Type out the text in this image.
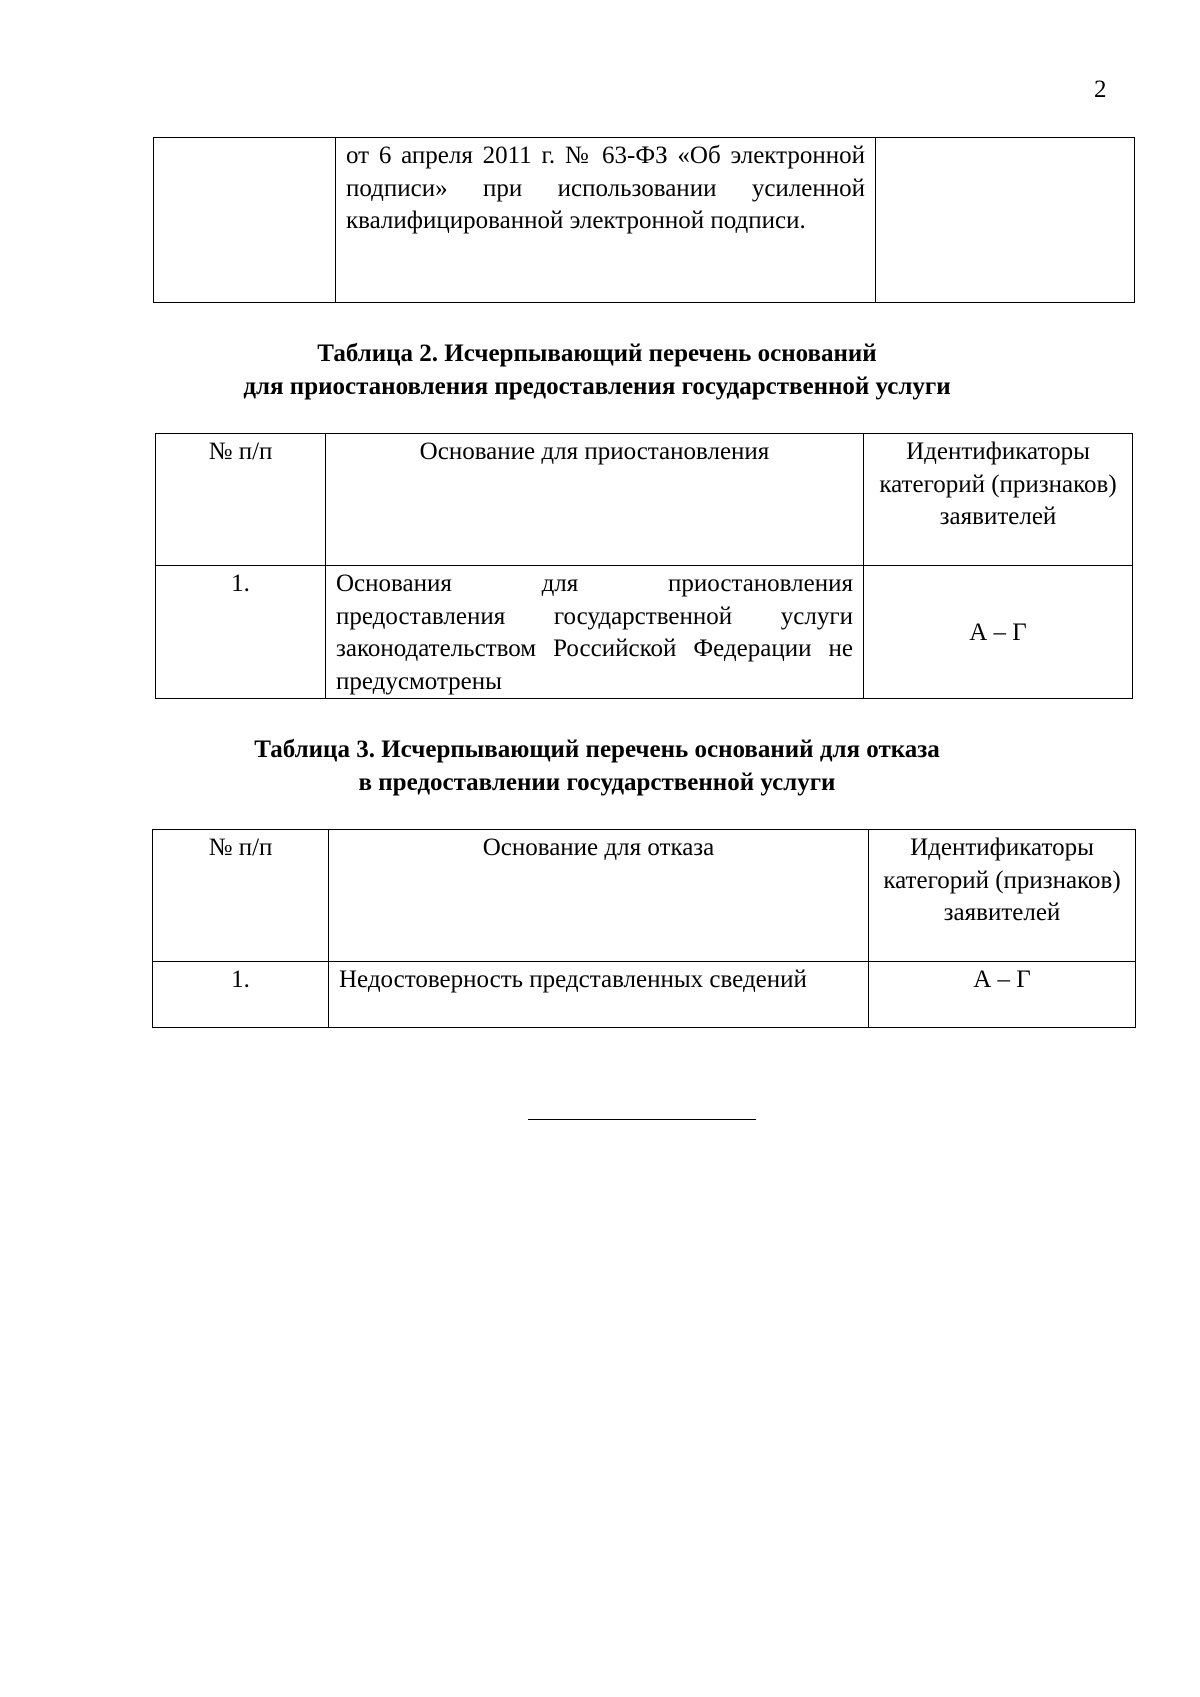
2
	от 6 апреля 2011 г. № 63-ФЗ «Об электронной подписи» при использовании усиленной квалифицированной электронной подписи.	
Таблица 2. Исчерпывающий перечень оснований
для приостановления предоставления государственной услуги
№ п/п	Основание для приостановления	Идентификаторы категорий (признаков) заявителей
1.	Основания для приостановления предоставления государственной услуги законодательством Российской Федерации не предусмотрены	А – Г
Таблица 3. Исчерпывающий перечень оснований для отказа
в предоставлении государственной услуги
№ п/п	Основание для отказа	Идентификаторы категорий (признаков) заявителей
1.	Недостоверность представленных сведений	А – Г
